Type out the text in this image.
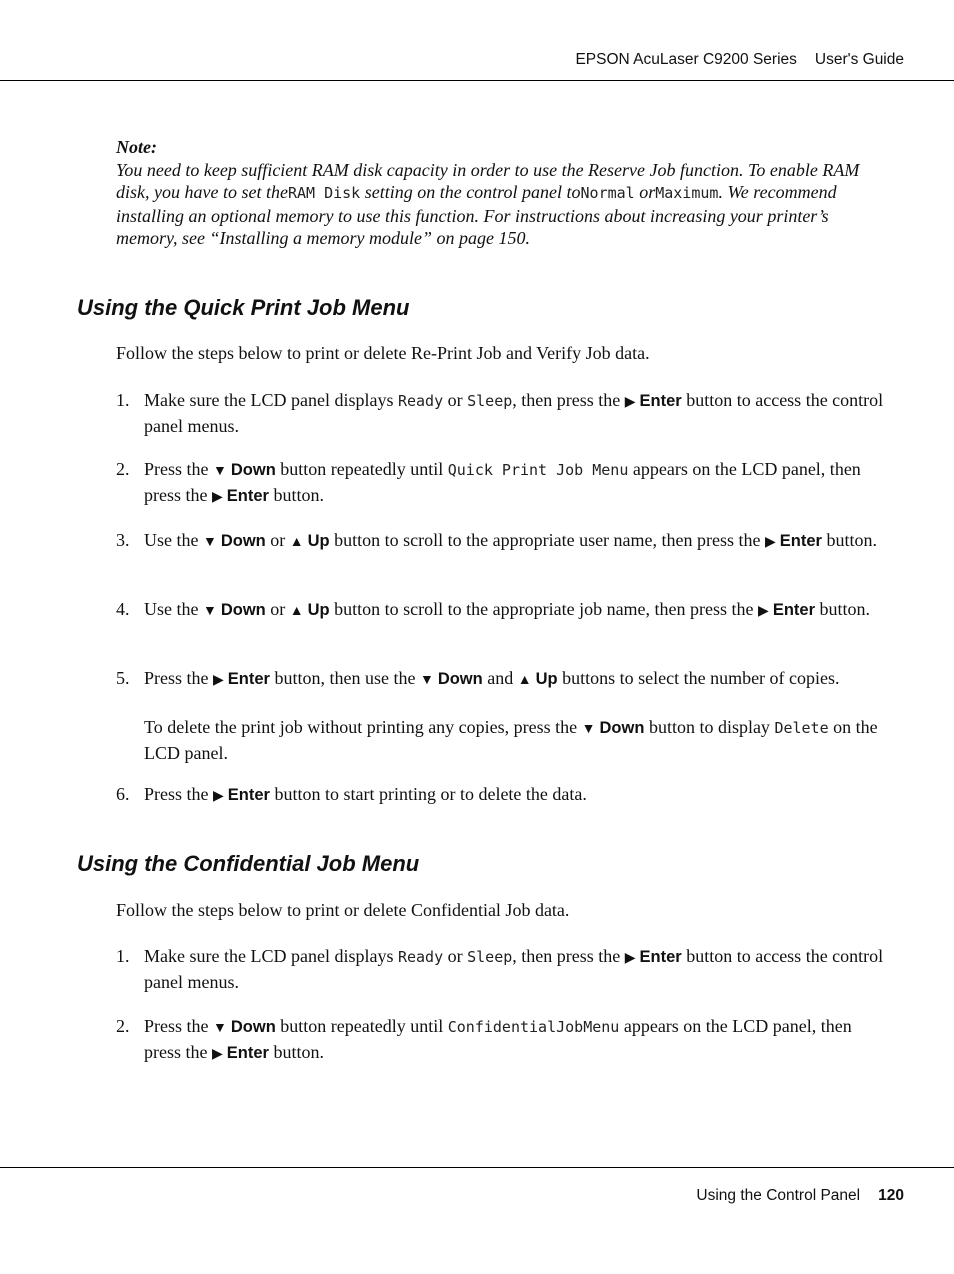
EPSON AcuLaser C9200 Series User's Guide
Note:
You need to keep sufficient RAM disk capacity in order to use the Reserve Job function. To enable RAM disk, you have to set theRAM Disk setting on the control panel toNormal orMaximum. We recommend installing an optional memory to use this function. For instructions about increasing your printer’s memory, see “Installing a memory module” on page 150.
Using the Quick Print Job Menu

Follow the steps below to print or delete Re-Print Job and Verify Job data.

1. Make sure the LCD panel displays Ready or Sleep, then press the ▶ Enter button to access the control panel menus.
2. Press the ▼ Down button repeatedly until Quick Print Job Menu appears on the LCD panel, then press the ▶ Enter button.
3. Use the ▼ Down or ▲ Up button to scroll to the appropriate user name, then press the ▶ Enter button.
4. Use the ▼ Down or ▲ Up button to scroll to the appropriate job name, then press the ▶ Enter button.
5. Press the ▶ Enter button, then use the ▼ Down and ▲ Up buttons to select the number of copies.
To delete the print job without printing any copies, press the ▼ Down button to display Delete on the LCD panel.
6. Press the ▶ Enter button to start printing or to delete the data.
Using the Confidential Job Menu

Follow the steps below to print or delete Confidential Job data.

1. Make sure the LCD panel displays Ready or Sleep, then press the ▶ Enter button to access the control panel menus.
2. Press the ▼ Down button repeatedly until ConfidentialJobMenu appears on the LCD panel, then press the ▶ Enter button.
Using the Control Panel 120
